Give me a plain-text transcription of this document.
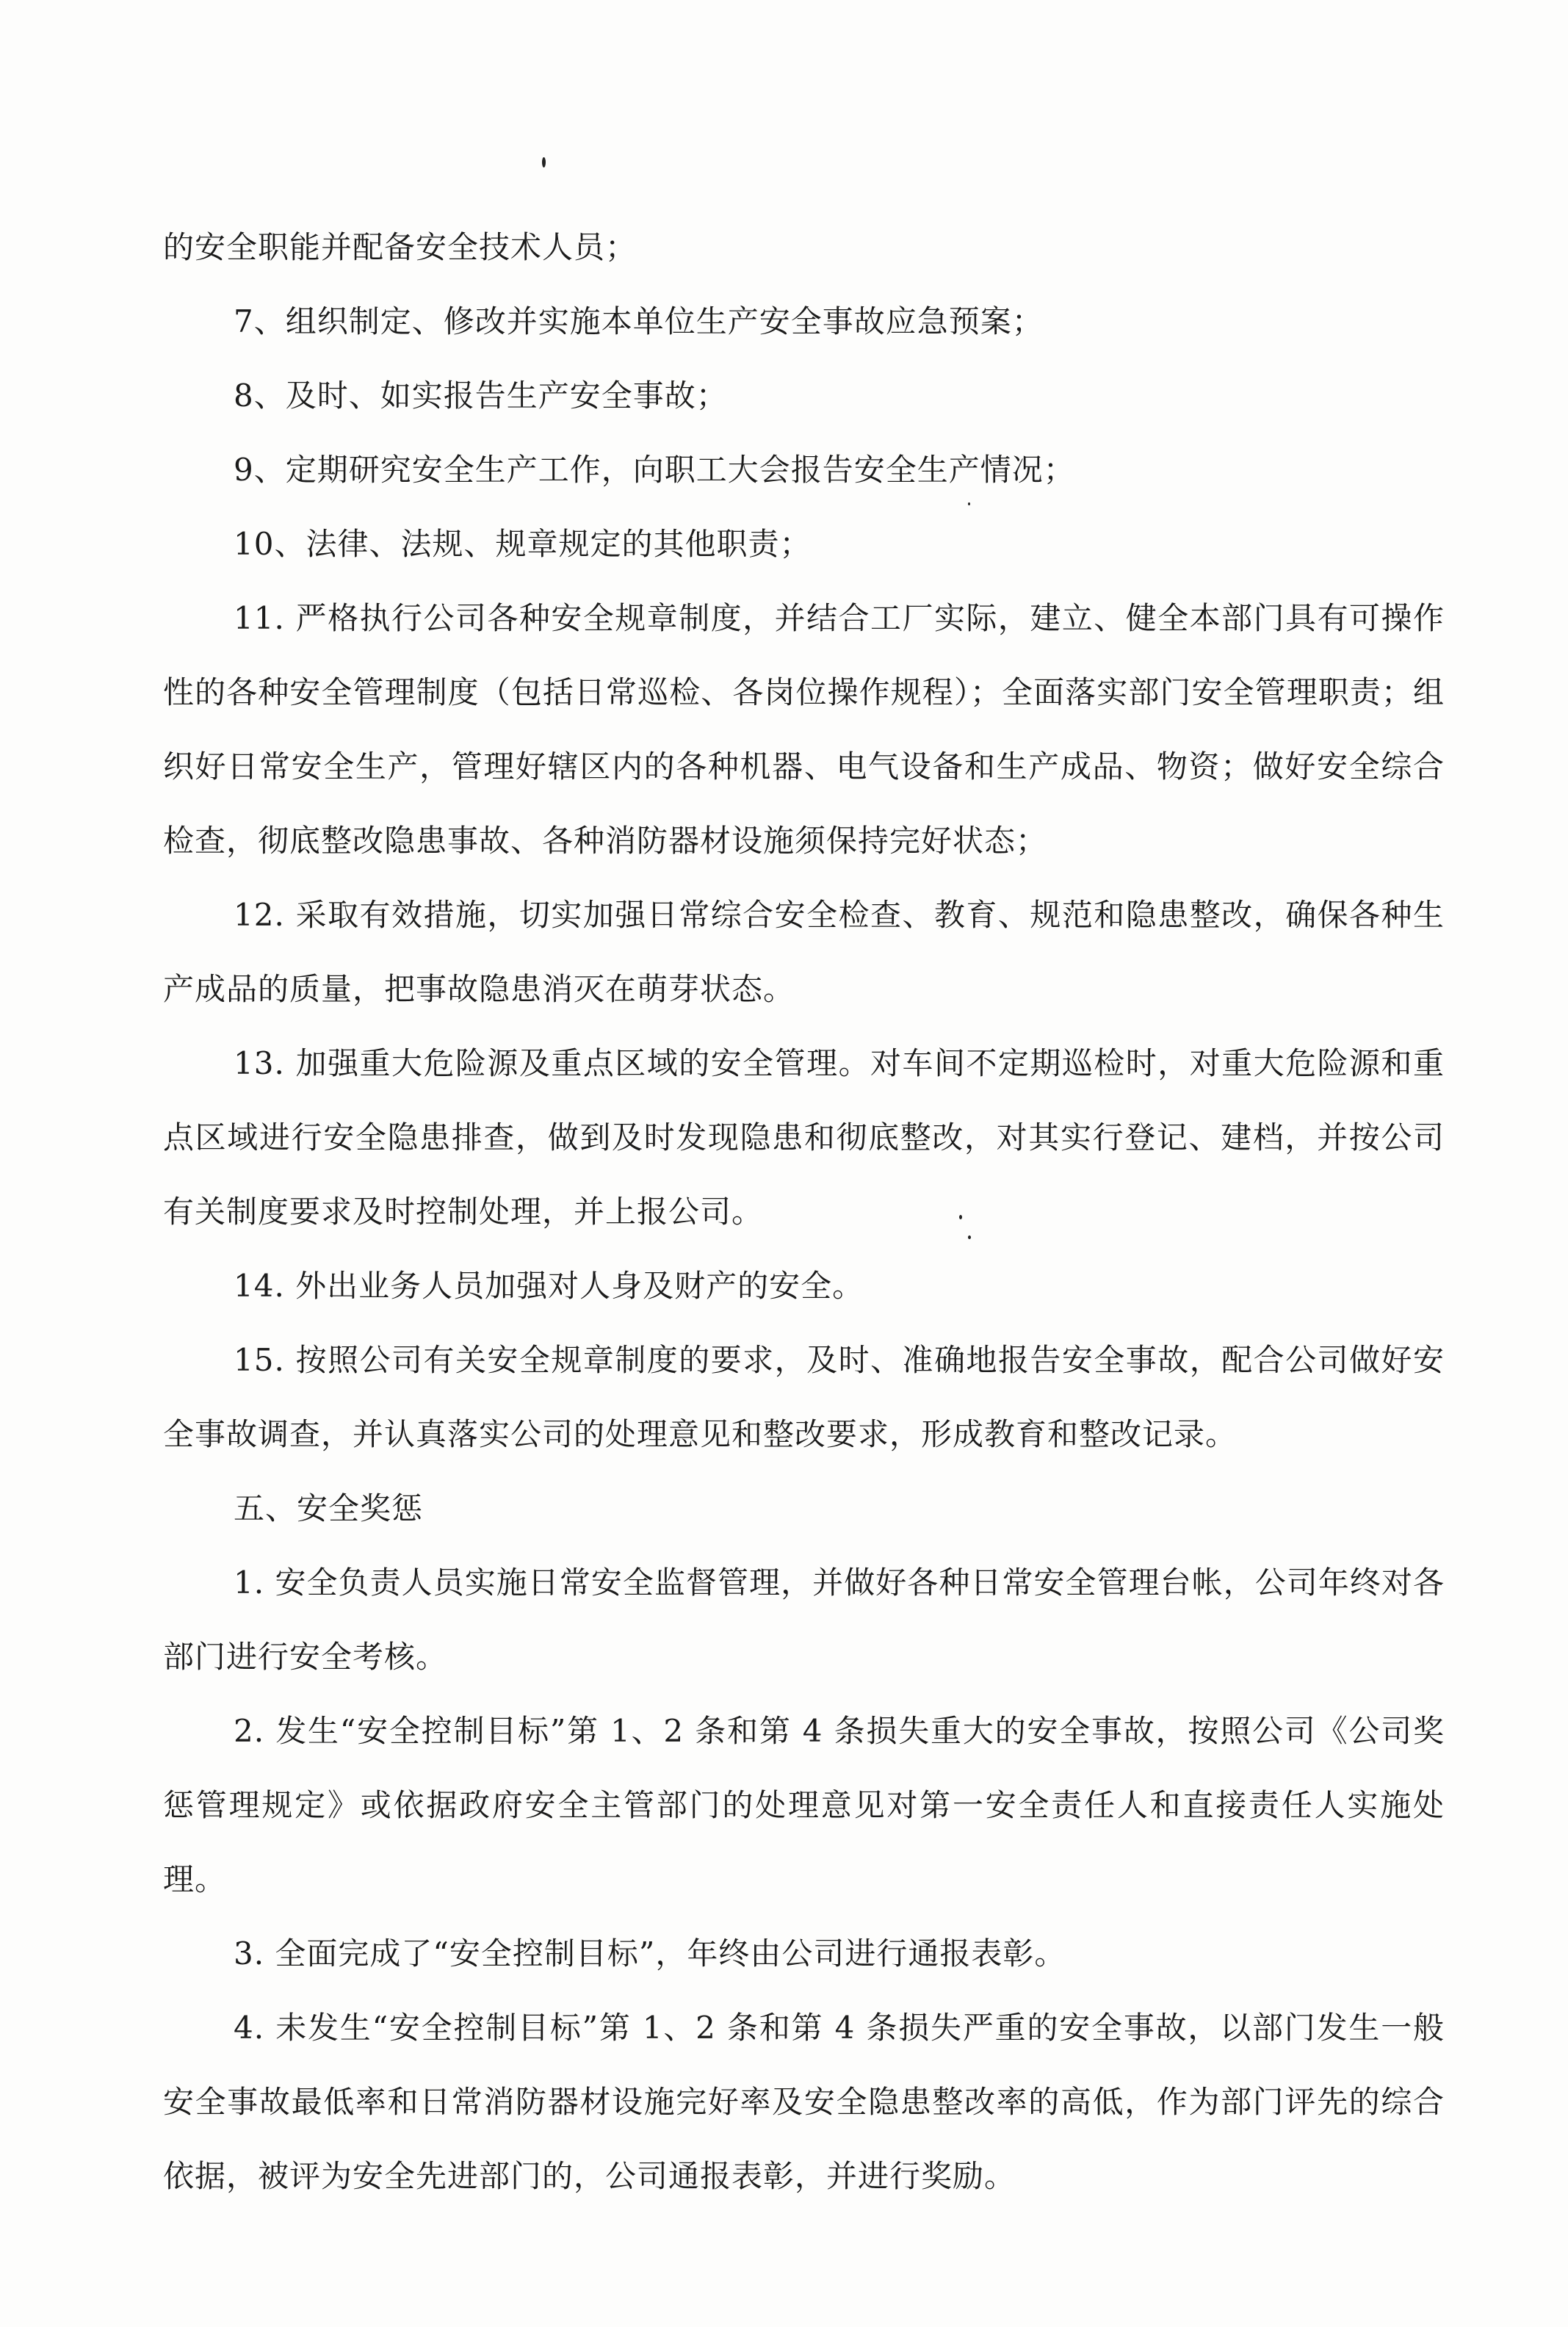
的安全职能并配备安全技术人员；

7、组织制定、修改并实施本单位生产安全事故应急预案；

8、及时、如实报告生产安全事故；

9、定期研究安全生产工作，向职工大会报告安全生产情况；

10、法律、法规、规章规定的其他职责；

11. 严格执行公司各种安全规章制度，并结合工厂实际，建立、健全本部门具有可操作性的各种安全管理制度（包括日常巡检、各岗位操作规程）；全面落实部门安全管理职责；组织好日常安全生产，管理好辖区内的各种机器、电气设备和生产成品、物资；做好安全综合检查，彻底整改隐患事故、各种消防器材设施须保持完好状态；

12. 采取有效措施，切实加强日常综合安全检查、教育、规范和隐患整改，确保各种生产成品的质量，把事故隐患消灭在萌芽状态。

13. 加强重大危险源及重点区域的安全管理。对车间不定期巡检时，对重大危险源和重点区域进行安全隐患排查，做到及时发现隐患和彻底整改，对其实行登记、建档，并按公司有关制度要求及时控制处理，并上报公司。

14. 外出业务人员加强对人身及财产的安全。

15. 按照公司有关安全规章制度的要求，及时、准确地报告安全事故，配合公司做好安全事故调查，并认真落实公司的处理意见和整改要求，形成教育和整改记录。

五、安全奖惩

1. 安全负责人员实施日常安全监督管理，并做好各种日常安全管理台帐，公司年终对各部门进行安全考核。

2. 发生“安全控制目标”第 1、2 条和第 4 条损失重大的安全事故，按照公司《公司奖惩管理规定》或依据政府安全主管部门的处理意见对第一安全责任人和直接责任人实施处理。

3. 全面完成了“安全控制目标”，年终由公司进行通报表彰。

4. 未发生“安全控制目标”第 1、2 条和第 4 条损失严重的安全事故，以部门发生一般安全事故最低率和日常消防器材设施完好率及安全隐患整改率的高低，作为部门评先的综合依据，被评为安全先进部门的，公司通报表彰，并进行奖励。
